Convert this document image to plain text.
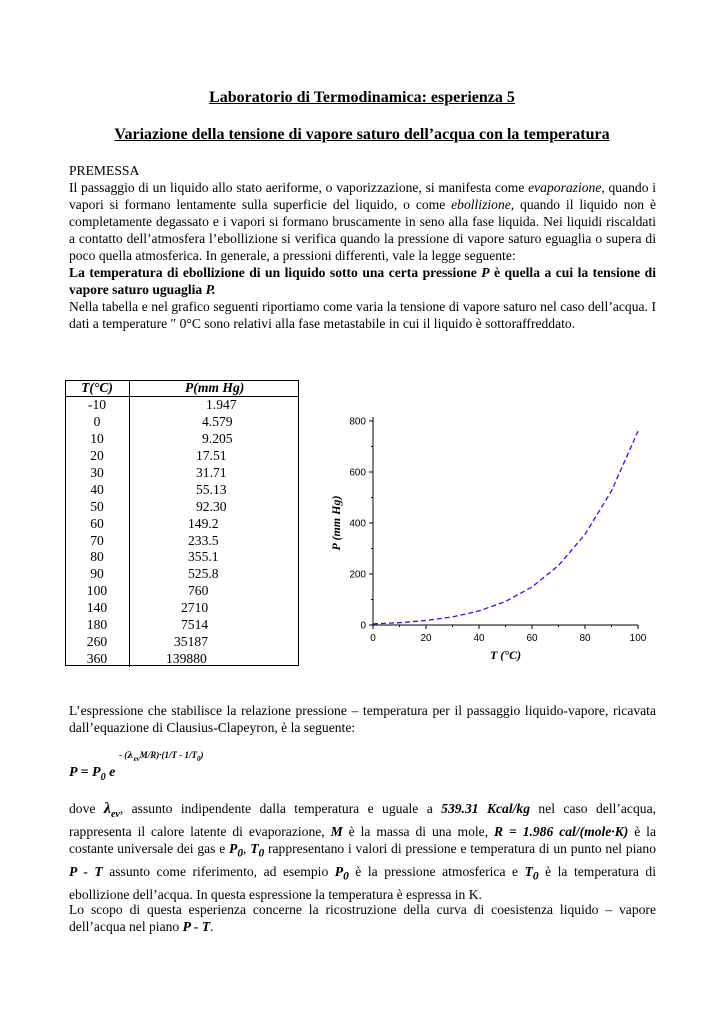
Laboratorio di Termodinamica: esperienza 5
Variazione della tensione di vapore saturo dell’acqua con la temperatura

PREMESSA

Il passaggio di un liquido allo stato aeriforme, o vaporizzazione, si manifesta come evaporazione, quando i vapori si formano lentamente sulla superficie del liquido, o come ebollizione, quando il liquido non è completamente degassato e i vapori si formano bruscamente in seno alla fase liquida. Nei liquidi riscaldati a contatto dell’atmosfera l’ebollizione si verifica quando la pressione di vapore saturo eguaglia o supera di poco quella atmosferica. In generale, a pressioni differenti, vale la legge seguente:

La temperatura di ebollizione di un liquido sotto una certa pressione P è quella a cui la tensione di vapore saturo uguaglia P.

Nella tabella e nel grafico seguenti riportiamo come varia la tensione di vapore saturo nel caso dell’acqua. I dati a temperature ″ 0°C sono relativi alla fase metastabile in cui il liquido è sottoraffreddato.

T(°C)	P(mm Hg)
-10	1.947
0	4.579
10	9.205
20	17.51
30	31.71
40	55.13
50	92.30
60	149.2
70	233.5
80	355.1
90	525.8
100	760
140	2710
180	7514
260	35187
360	139880
0
200
400
600
800
0	20	40	60	80	100
T (°C)
P (mm Hg)
L’espressione che stabilisce la relazione pressione – temperatura per il passaggio liquido-vapore, ricavata dall’equazione di Clausius-Clapeyron, è la seguente:
- $(\lambda_{ev}M/R)\cdot(1/T - 1/T_0)$
$P = P_0$ e
dove $\lambda_{ev}$, assunto indipendente dalla temperatura e uguale a 539.31 Kcal/kg nel caso dell’acqua, rappresenta il calore latente di evaporazione, M è la massa di una mole, R = 1.986 cal/(mole·K) è la costante universale dei gas e $P_0$, $T_0$ rappresentano i valori di pressione e temperatura di un punto nel piano P - T assunto come riferimento, ad esempio $P_0$ è la pressione atmosferica e $T_0$ è la temperatura di ebollizione dell’acqua. In questa espressione la temperatura è espressa in K.
Lo scopo di questa esperienza concerne la ricostruzione della curva di coesistenza liquido – vapore dell’acqua nel piano P - T.
